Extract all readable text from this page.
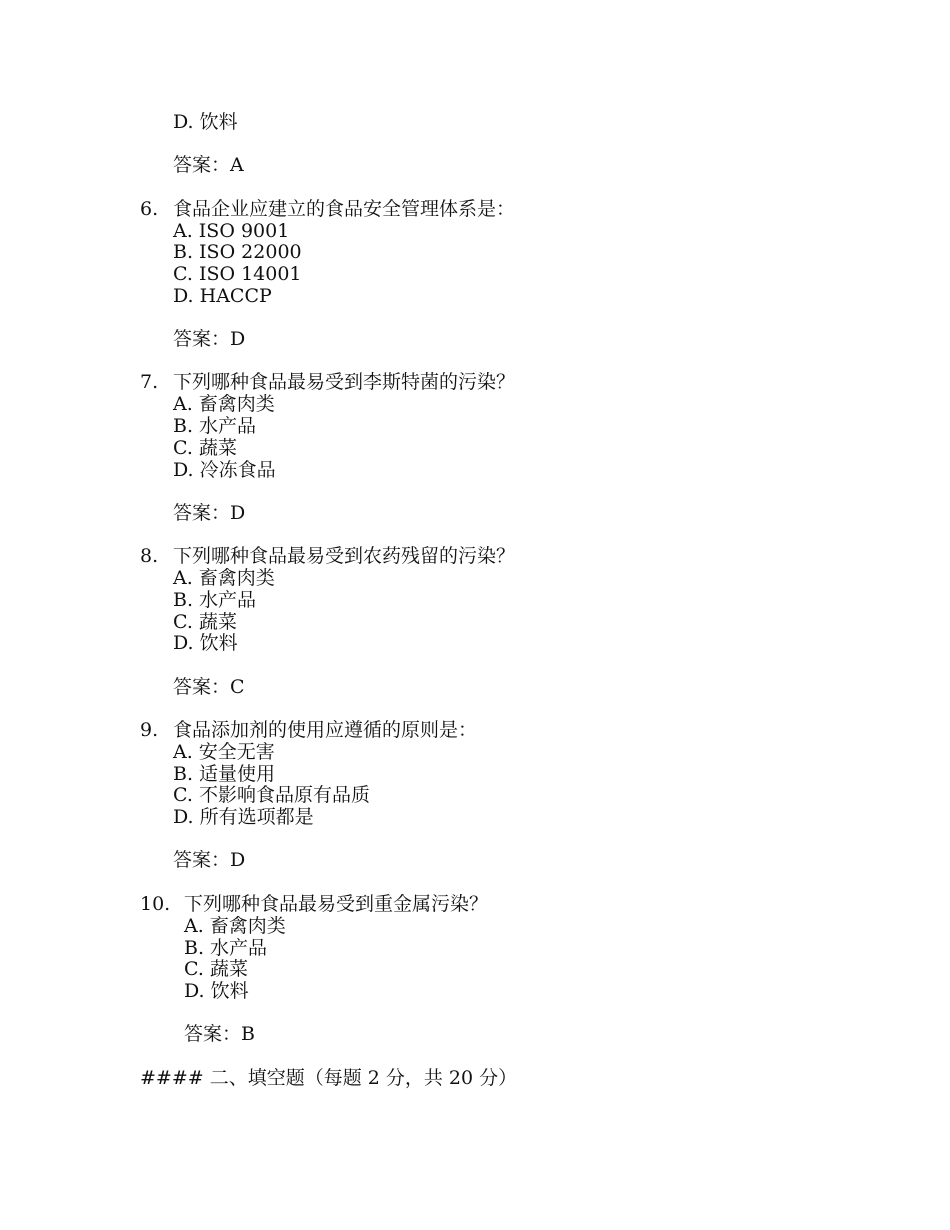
D. 饮料
答案：A
6. 食品企业应建立的食品安全管理体系是：
A. ISO 9001
B. ISO 22000
C. ISO 14001
D. HACCP
答案：D
7. 下列哪种食品最易受到李斯特菌的污染？
A. 畜禽肉类
B. 水产品
C. 蔬菜
D. 冷冻食品
答案：D
8. 下列哪种食品最易受到农药残留的污染？
A. 畜禽肉类
B. 水产品
C. 蔬菜
D. 饮料
答案：C
9. 食品添加剂的使用应遵循的原则是：
A. 安全无害
B. 适量使用
C. 不影响食品原有品质
D. 所有选项都是
答案：D
10. 下列哪种食品最易受到重金属污染？
A. 畜禽肉类
B. 水产品
C. 蔬菜
D. 饮料
答案：B
#### 二、填空题（每题 2 分，共 20 分）
